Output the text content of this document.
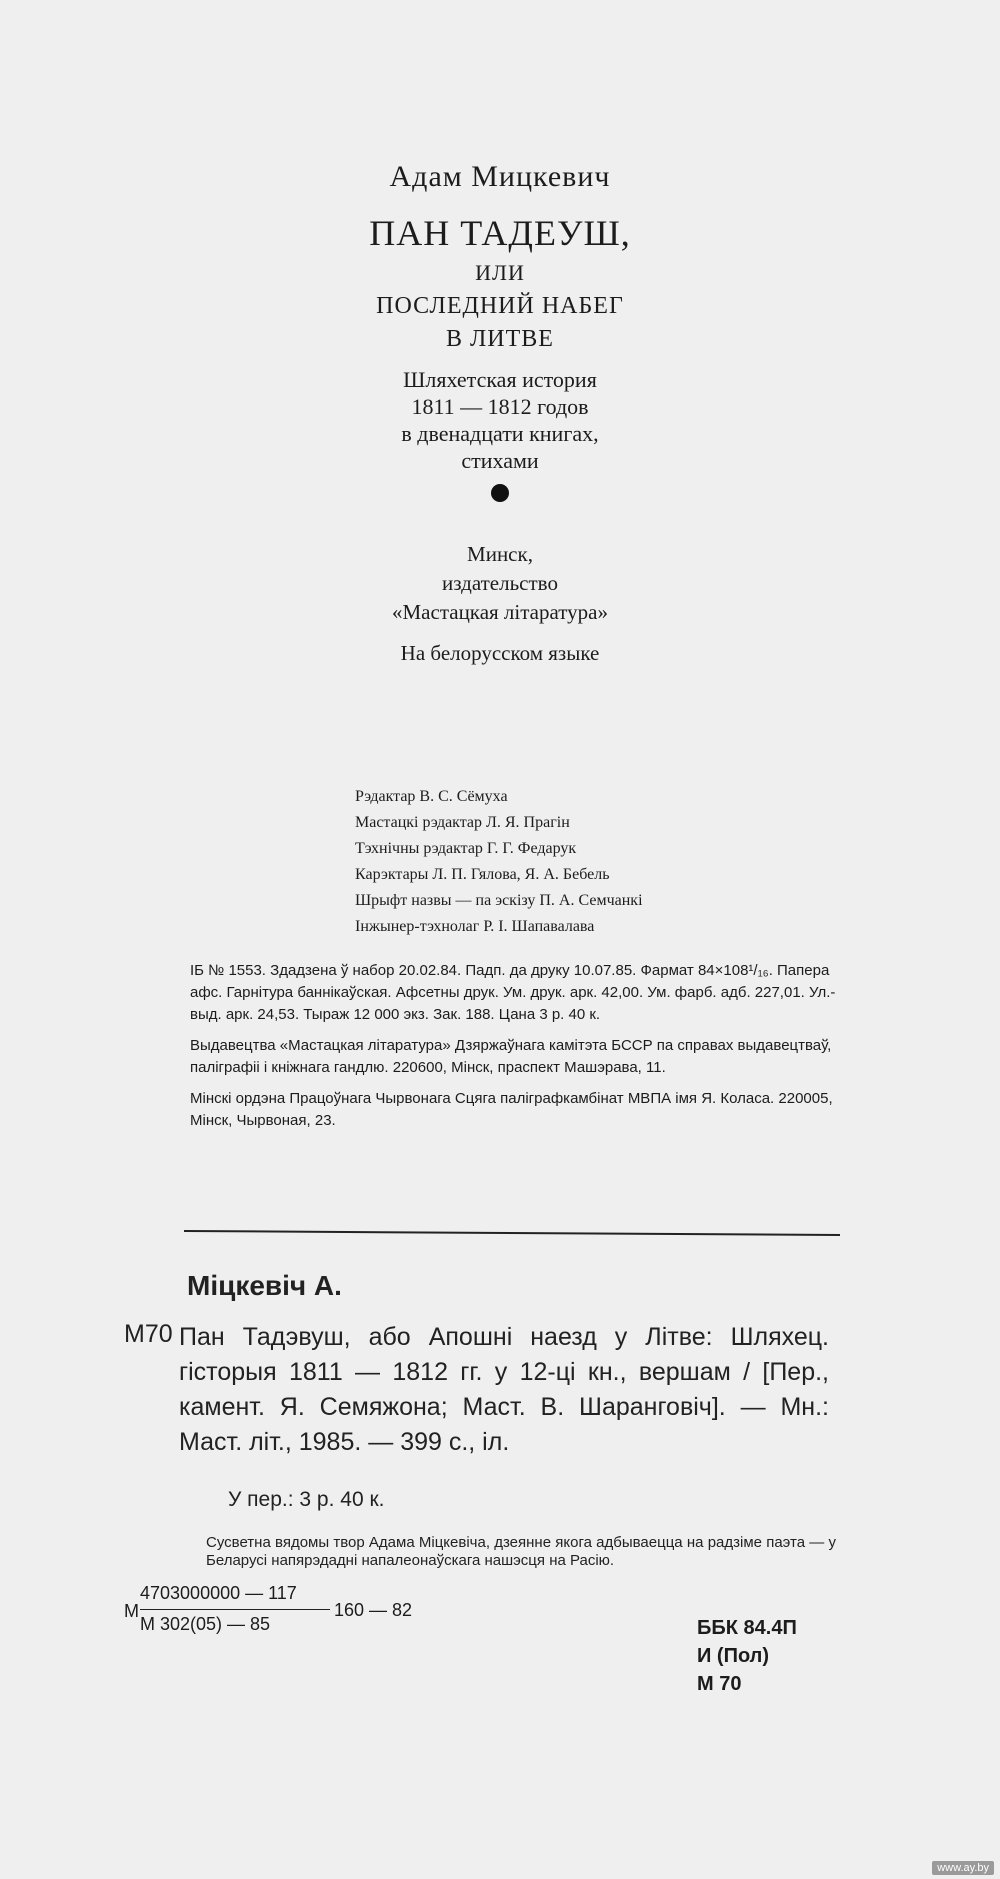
Адам Мицкевич
ПАН ТАДЕУШ,
ИЛИ
ПОСЛЕДНИЙ НАБЕГ
В ЛИТВЕ
Шляхетская история
1811 — 1812 годов
в двенадцати книгах,
стихами
Минск,
издательство
«Мастацкая літаратура»
На белорусском языке
Рэдактар В. С. Сёмуха
Мастацкі рэдактар Л. Я. Прагін
Тэхнічны рэдактар Г. Г. Федарук
Карэктары Л. П. Гялова, Я. А. Бебель
Шрыфт назвы — па эскізу П. А. Семчанкі
Інжынер-тэхнолаг Р. І. Шапавалава

ІБ № 1553. Здадзена ў набор 20.02.84. Падп. да друку 10.07.85. Фармат 84×108¹/₁₆. Папера афс. Гарнітура баннікаўская. Афсетны друк. Ум. друк. арк. 42,00. Ум. фарб. адб. 227,01. Ул.-выд. арк. 24,53. Тыраж 12 000 экз. Зак. 188. Цана 3 р. 40 к.

Выдавецтва «Мастацкая літаратура» Дзяржаўнага камітэта БССР па справах выдавецтваў, паліграфіі і кніжнага гандлю. 220600, Мінск, праспект Машэрава, 11.

Мінскі ордэна Працоўнага Чырвонага Сцяга паліграфкамбінат МВПА імя Я. Коласа. 220005, Мінск, Чырвоная, 23.

Міцкевіч А.
М70 Пан Тадэвуш, або Апошні наезд у Літве: Шляхец. гісторыя 1811 — 1812 гг. у 12-ці кн., вершам / [Пер., камент. Я. Семяжона; Маст. В. Шаранговіч]. — Мн.: Маст. літ., 1985. — 399 с., іл.
У пер.: 3 р. 40 к.
Сусветна вядомы твор Адама Міцкевіча, дзеянне якога адбываецца на радзіме паэта — у Беларусі напярэдадні напалеонаўскага нашэсця на Расію.
М
4703000000 — 117
М 302(05) — 85
160 — 82
ББК 84.4П
И (Пол)
М 70
www.ay.by
